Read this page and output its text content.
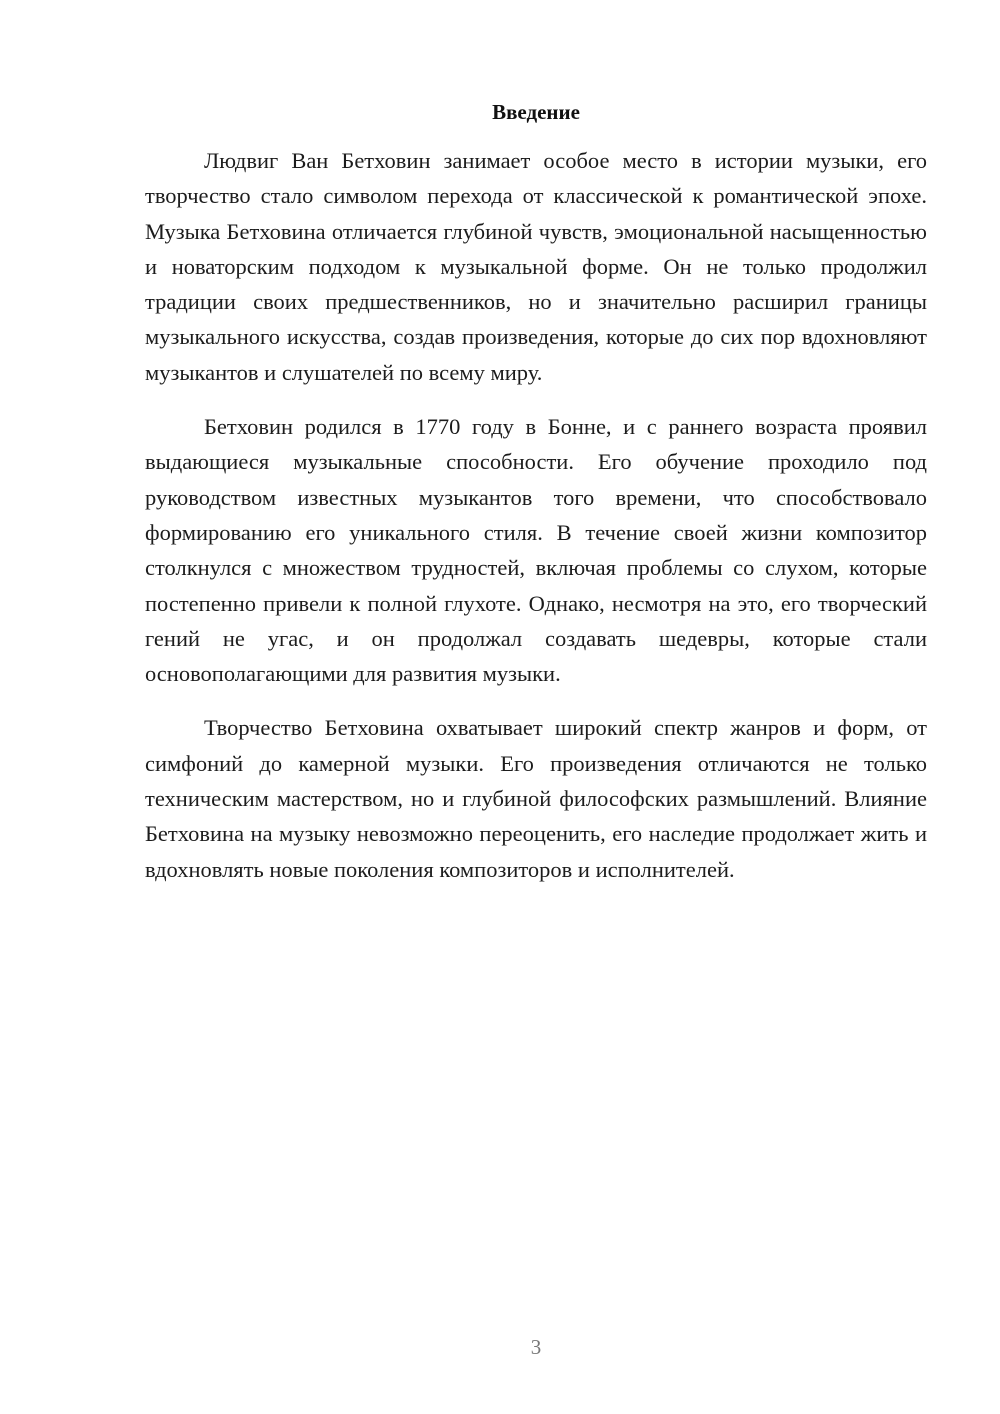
Введение

Людвиг Ван Бетховин занимает особое место в истории музыки, его творчество стало символом перехода от классической к романтической эпохе. Музыка Бетховина отличается глубиной чувств, эмоциональной насыщенностью и новаторским подходом к музыкальной форме. Он не только продолжил традиции своих предшественников, но и значительно расширил границы музыкального искусства, создав произведения, которые до сих пор вдохновляют музыкантов и слушателей по всему миру.

Бетховин родился в 1770 году в Бонне, и с раннего возраста проявил выдающиеся музыкальные способности. Его обучение проходило под руководством известных музыкантов того времени, что способствовало формированию его уникального стиля. В течение своей жизни композитор столкнулся с множеством трудностей, включая проблемы со слухом, которые постепенно привели к полной глухоте. Однако, несмотря на это, его творческий гений не угас, и он продолжал создавать шедевры, которые стали основополагающими для развития музыки.

Творчество Бетховина охватывает широкий спектр жанров и форм, от симфоний до камерной музыки. Его произведения отличаются не только техническим мастерством, но и глубиной философских размышлений. Влияние Бетховина на музыку невозможно переоценить, его наследие продолжает жить и вдохновлять новые поколения композиторов и исполнителей.

3
